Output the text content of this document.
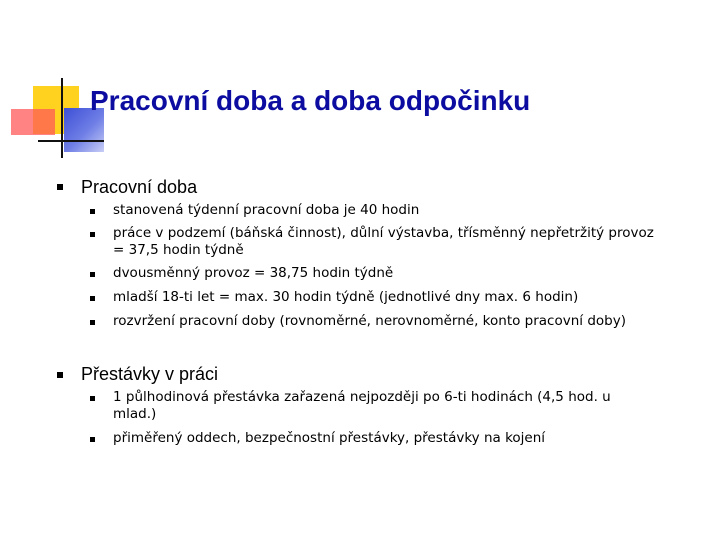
Pracovní doba a doba odpočinku
Pracovní doba
stanovená týdenní pracovní doba je 40 hodin
práce v podzemí (báňská činnost), důlní výstavba, třísměnný nepřetržitý provoz
= 37,5 hodin týdně
dvousměnný provoz = 38,75 hodin týdně
mladší 18-ti let = max. 30 hodin týdně (jednotlivé dny max. 6 hodin)
rozvržení pracovní doby (rovnoměrné, nerovnoměrné, konto pracovní doby)
Přestávky v práci
1 půlhodinová přestávka zařazená nejpozději po 6-ti hodinách (4,5 hod. u
mlad.)
přiměřený oddech, bezpečnostní přestávky, přestávky na kojení
